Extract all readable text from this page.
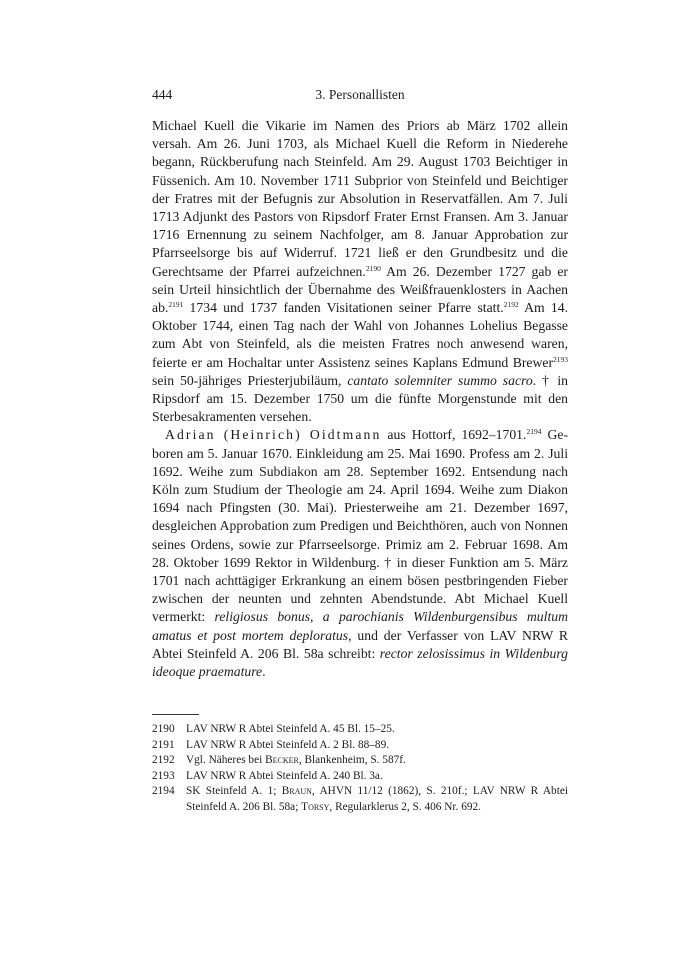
444	3. Personallisten

Michael Kuell die Vikarie im Namen des Priors ab März 1702 allein versah. Am 26. Juni 1703, als Michael Kuell die Reform in Niederehe begann, Rückberufung nach Steinfeld. Am 29. August 1703 Beichtiger in Füssenich. Am 10. November 1711 Subprior von Steinfeld und Beichtiger der Fratres mit der Befugnis zur Absolution in Reservatfällen. Am 7. Juli 1713 Adjunkt des Pastors von Ripsdorf Frater Ernst Fransen. Am 3. Januar 1716 Ernennung zu seinem Nachfolger, am 8. Januar Approbation zur Pfarrseelsorge bis auf Widerruf. 1721 ließ er den Grundbesitz und die Gerechtsame der Pfarrei aufzeichnen.$^{2190}$ Am 26. Dezember 1727 gab er sein Urteil hinsichtlich der Übernahme des Weißfrauenklosters in Aachen ab.$^{2191}$ 1734 und 1737 fanden Visitationen seiner Pfarre statt.$^{2192}$ Am 14. Oktober 1744, einen Tag nach der Wahl von Johannes Lohelius Begasse zum Abt von Steinfeld, als die meisten Fratres noch anwesend waren, feierte er am Hochaltar unter Assistenz seines Kaplans Edmund Brewer$^{2193}$ sein 50-jähriges Priesterjubiläum, cantato solemniter summo sacro. † in Ripsdorf am 15. Dezember 1750 um die fünfte Morgenstunde mit den Sterbesakramenten versehen.

Adrian (Heinrich) Oidtmann aus Hottorf, 1692–1701.$^{2194}$ Geboren am 5. Januar 1670. Einkleidung am 25. Mai 1690. Profess am 2. Juli 1692. Weihe zum Subdiakon am 28. September 1692. Entsendung nach Köln zum Studium der Theologie am 24. April 1694. Weihe zum Diakon 1694 nach Pfingsten (30. Mai). Priesterweihe am 21. Dezember 1697, desgleichen Approbation zum Predigen und Beichthören, auch von Nonnen seines Ordens, sowie zur Pfarrseelsorge. Primiz am 2. Februar 1698. Am 28. Oktober 1699 Rektor in Wildenburg. † in dieser Funktion am 5. März 1701 nach achttägiger Erkrankung an einem bösen pestbringenden Fieber zwischen der neunten und zehnten Abendstunde. Abt Michael Kuell vermerkt: religiosus bonus, a parochianis Wildenburgensibus multum amatus et post mortem deploratus, und der Verfasser von LAV NRW R Abtei Steinfeld A. 206 Bl. 58a schreibt: rector zelosissimus in Wildenburg ideoque praemature.

2190	LAV NRW R Abtei Steinfeld A. 45 Bl. 15–25.
2191	LAV NRW R Abtei Steinfeld A. 2 Bl. 88–89.
2192	Vgl. Näheres bei Becker, Blankenheim, S. 587f.
2193	LAV NRW R Abtei Steinfeld A. 240 Bl. 3a.
2194	SK Steinfeld A. 1; Braun, AHVN 11/12 (1862), S. 210f.; LAV NRW R Abtei Steinfeld A. 206 Bl. 58a; Torsy, Regularklerus 2, S. 406 Nr. 692.
